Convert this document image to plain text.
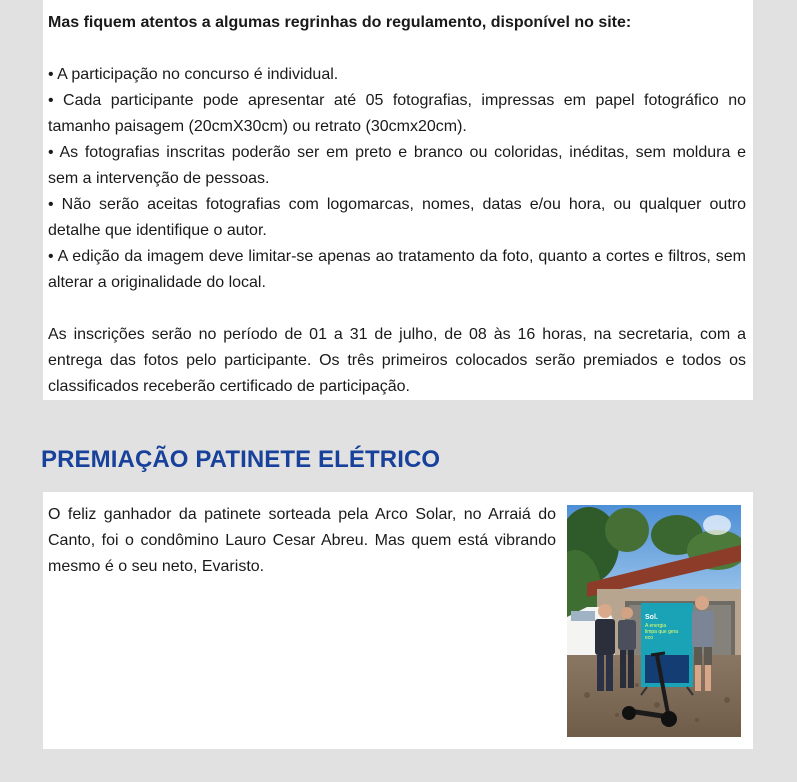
Mas fiquem atentos a algumas regrinhas do regulamento, disponível no site:

• A participação no concurso é individual.

• Cada participante pode apresentar até 05 fotografias, impressas em papel fotográfico no tamanho paisagem (20cmX30cm) ou retrato (30cmx20cm).

• As fotografias inscritas poderão ser em preto e branco ou coloridas, inéditas, sem moldura e sem a intervenção de pessoas.

• Não serão aceitas fotografias com logomarcas, nomes, datas e/ou hora, ou qualquer outro detalhe que identifique o autor.

• A edição da imagem deve limitar-se apenas ao tratamento da foto, quanto a cortes e filtros, sem alterar a originalidade do local.

As inscrições serão no período de 01 a 31 de julho, de 08 às 16 horas, na secretaria, com a entrega das fotos pelo participante. Os três primeiros colocados serão premiados e todos os classificados receberão certificado de participação.

PREMIAÇÃO PATINETE ELÉTRICO

O feliz ganhador da patinete sorteada pela Arco Solar, no Arraiá do Canto, foi o condômino Lauro Cesar Abreu. Mas quem está vibrando mesmo é o seu neto, Evaristo.

Sol.
A energia
limpa que gera
eco
